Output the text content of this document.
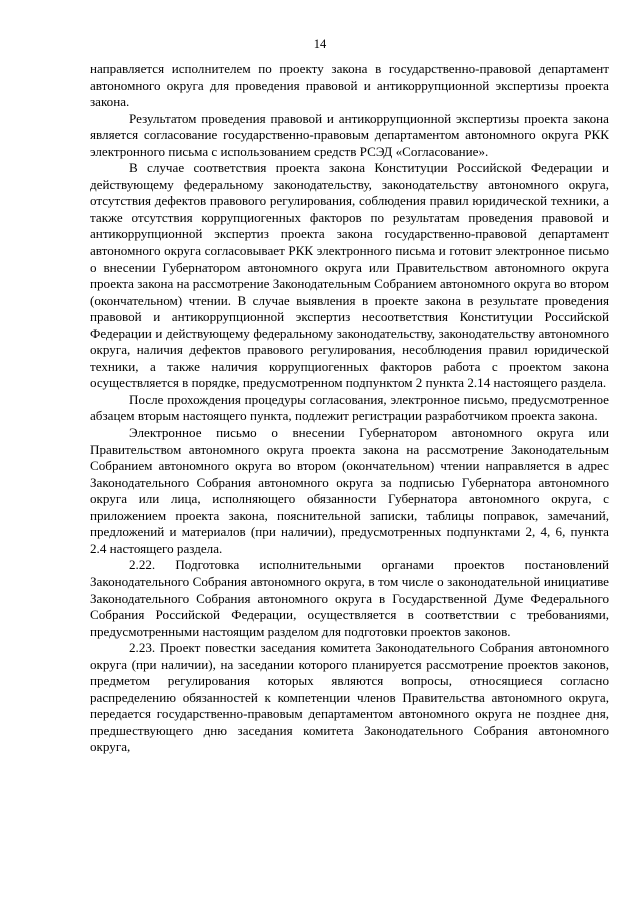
14

направляется исполнителем по проекту закона в государственно-правовой департамент автономного округа для проведения правовой и антикоррупционной экспертизы проекта закона.

Результатом проведения правовой и антикоррупционной экспертизы проекта закона является согласование государственно-правовым департаментом автономного округа РКК электронного письма с использованием средств РСЭД «Согласование».

В случае соответствия проекта закона Конституции Российской Федерации и действующему федеральному законодательству, законодательству автономного округа, отсутствия дефектов правового регулирования, соблюдения правил юридической техники, а также отсутствия коррупциогенных факторов по результатам проведения правовой и антикоррупционной экспертиз проекта закона государственно-правовой департамент автономного округа согласовывает РКК электронного письма и готовит электронное письмо о внесении Губернатором автономного округа или Правительством автономного округа проекта закона на рассмотрение Законодательным Собранием автономного округа во втором (окончательном) чтении. В случае выявления в проекте закона в результате проведения правовой и антикоррупционной экспертиз несоответствия Конституции Российской Федерации и действующему федеральному законодательству, законодательству автономного округа, наличия дефектов правового регулирования, несоблюдения правил юридической техники, а также наличия коррупциогенных факторов работа с проектом закона осуществляется в порядке, предусмотренном подпунктом 2 пункта 2.14 настоящего раздела.

После прохождения процедуры согласования, электронное письмо, предусмотренное абзацем вторым настоящего пункта, подлежит регистрации разработчиком проекта закона.

Электронное письмо о внесении Губернатором автономного округа или Правительством автономного округа проекта закона на рассмотрение Законодательным Собранием автономного округа во втором (окончательном) чтении направляется в адрес Законодательного Собрания автономного округа за подписью Губернатора автономного округа или лица, исполняющего обязанности Губернатора автономного округа, с приложением проекта закона, пояснительной записки, таблицы поправок, замечаний, предложений и материалов (при наличии), предусмотренных подпунктами 2, 4, 6, пункта 2.4 настоящего раздела.

2.22. Подготовка исполнительными органами проектов постановлений Законодательного Собрания автономного округа, в том числе о законодательной инициативе Законодательного Собрания автономного округа в Государственной Думе Федерального Собрания Российской Федерации, осуществляется в соответствии с требованиями, предусмотренными настоящим разделом для подготовки проектов законов.

2.23. Проект повестки заседания комитета Законодательного Собрания автономного округа (при наличии), на заседании которого планируется рассмотрение проектов законов, предметом регулирования которых являются вопросы, относящиеся согласно распределению обязанностей к компетенции членов Правительства автономного округа, передается государственно-правовым департаментом автономного округа не позднее дня, предшествующего дню заседания комитета Законодательного Собрания автономного округа,
